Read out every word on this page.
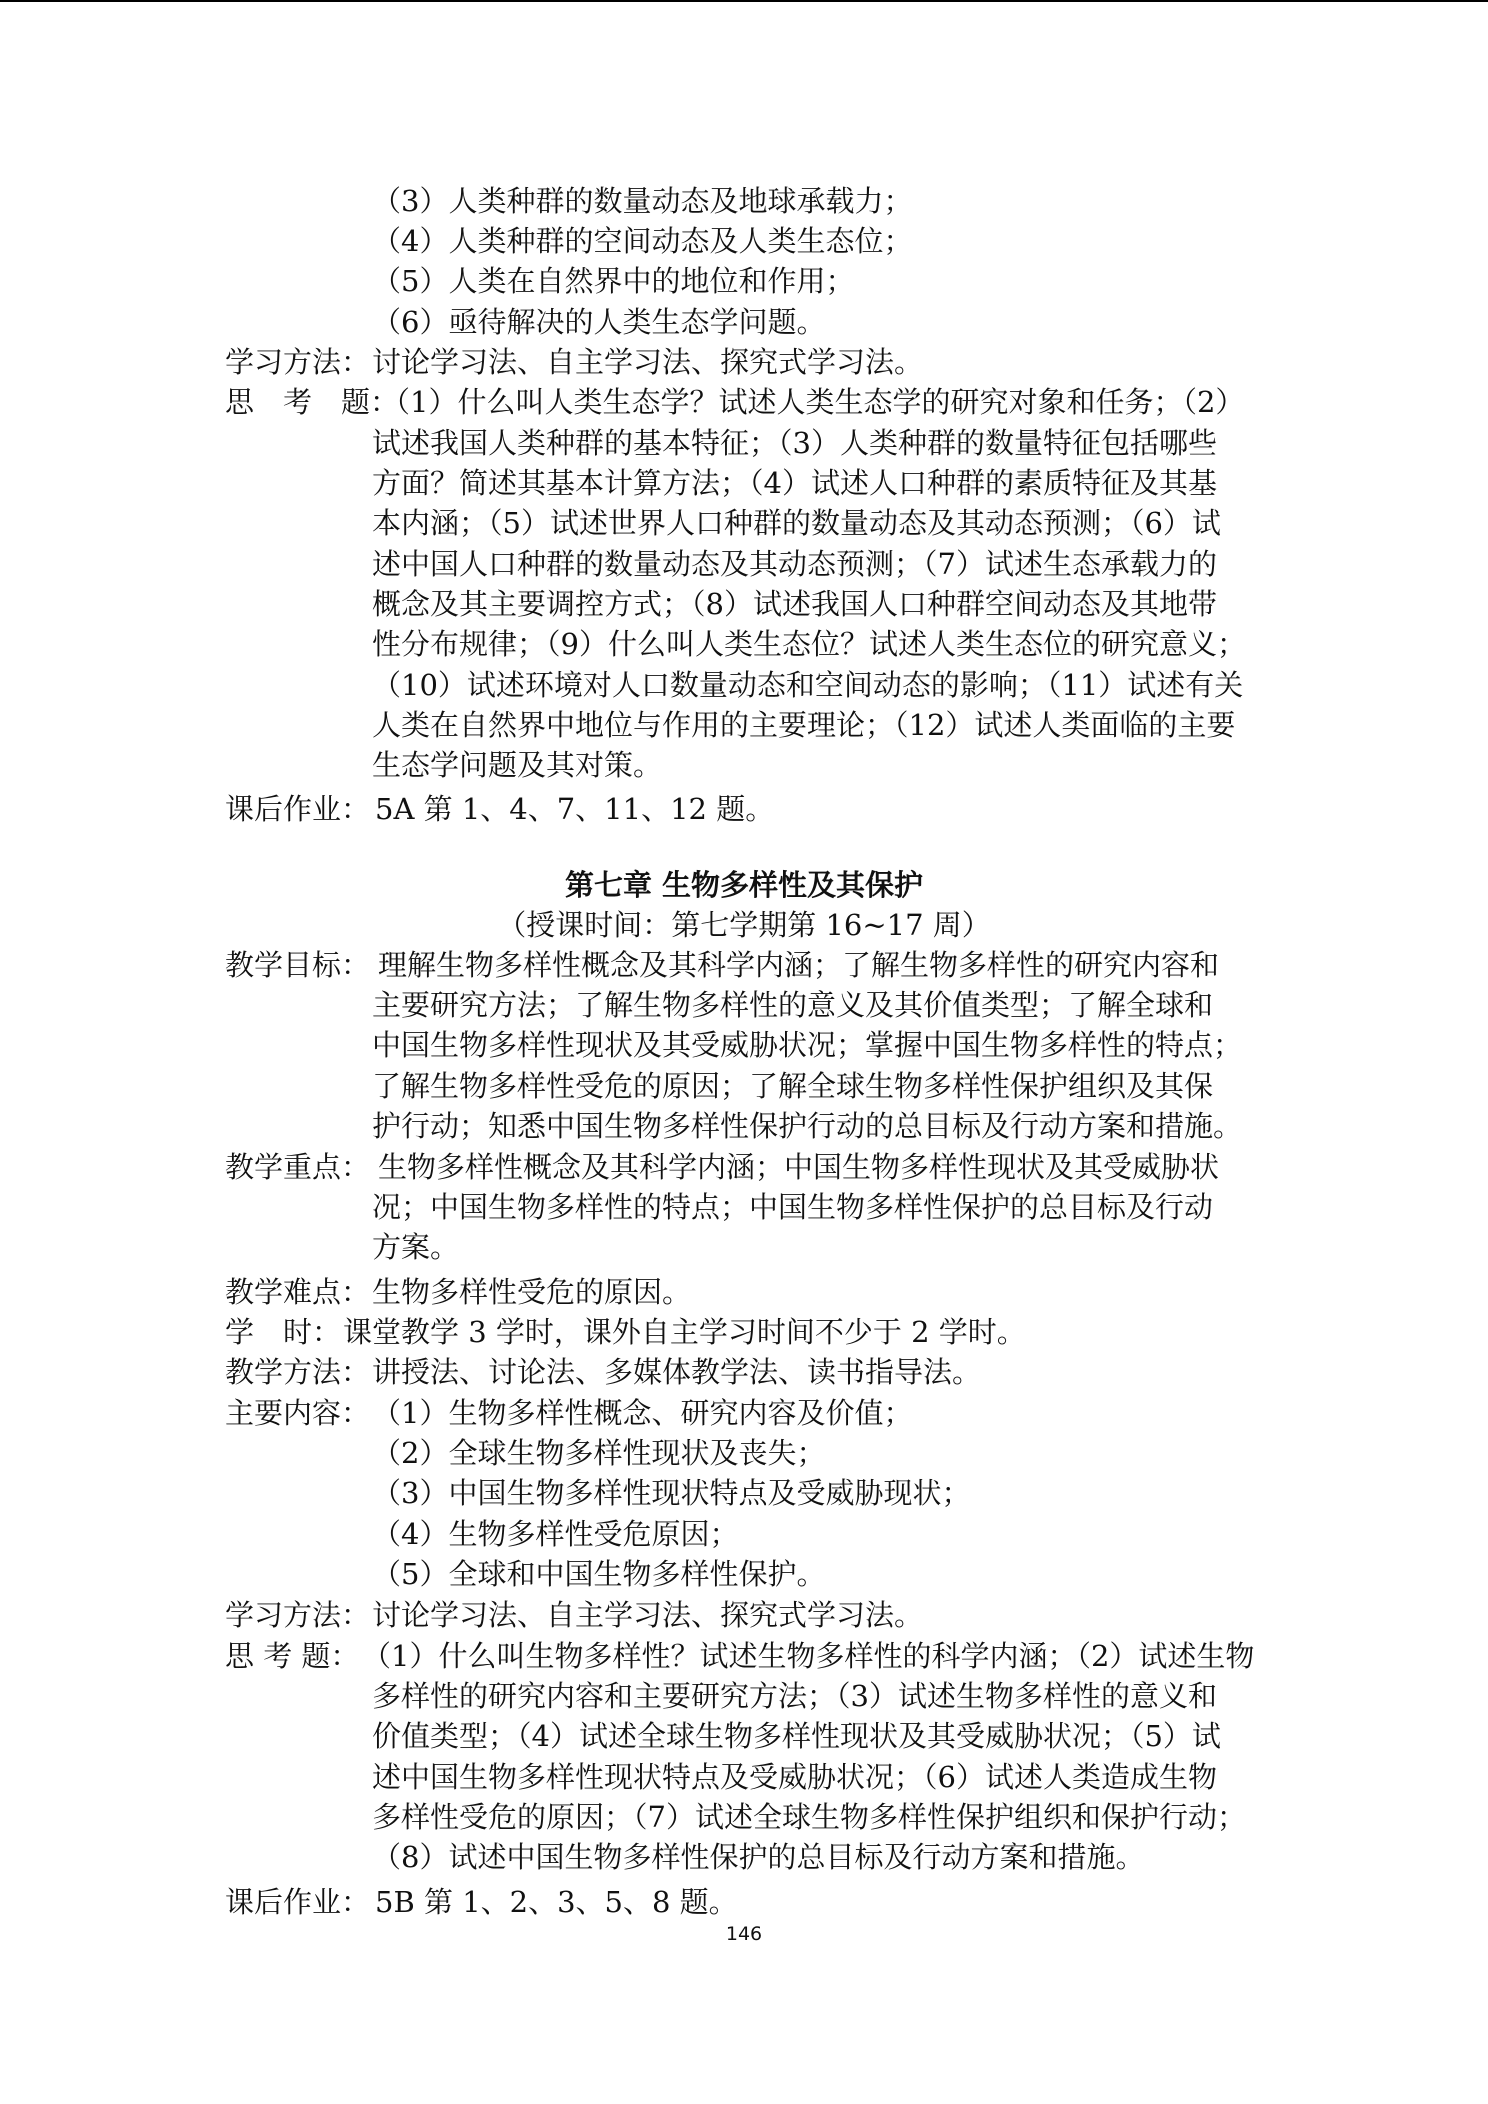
（3）人类种群的数量动态及地球承载力；
（4）人类种群的空间动态及人类生态位；
（5）人类在自然界中的地位和作用；
（6）亟待解决的人类生态学问题。
学习方法： 讨论学习法、自主学习法、探究式学习法。
思　考　题：
（1）什么叫人类生态学？试述人类生态学的研究对象和任务；（2）
试述我国人类种群的基本特征；（3）人类种群的数量特征包括哪些
方面？简述其基本计算方法；（4）试述人口种群的素质特征及其基
本内涵；（5）试述世界人口种群的数量动态及其动态预测；（6）试
述中国人口种群的数量动态及其动态预测；（7）试述生态承载力的
概念及其主要调控方式；（8）试述我国人口种群空间动态及其地带
性分布规律；（9）什么叫人类生态位？试述人类生态位的研究意义；
（10）试述环境对人口数量动态和空间动态的影响；（11）试述有关
人类在自然界中地位与作用的主要理论；（12）试述人类面临的主要
生态学问题及其对策。
课后作业： 5A 第 1、4、7、11、12 题。
第七章 生物多样性及其保护
（授课时间：第七学期第 16~17 周）
教学目标： 理解生物多样性概念及其科学内涵；了解生物多样性的研究内容和
主要研究方法；了解生物多样性的意义及其价值类型；了解全球和
中国生物多样性现状及其受威胁状况；掌握中国生物多样性的特点；
了解生物多样性受危的原因；了解全球生物多样性保护组织及其保
护行动；知悉中国生物多样性保护行动的总目标及行动方案和措施。
教学重点： 生物多样性概念及其科学内涵；中国生物多样性现状及其受威胁状
况；中国生物多样性的特点；中国生物多样性保护的总目标及行动
方案。
教学难点： 生物多样性受危的原因。
学　时： 课堂教学 3 学时，课外自主学习时间不少于 2 学时。
教学方法： 讲授法、讨论法、多媒体教学法、读书指导法。
主要内容： （1）生物多样性概念、研究内容及价值；
（2）全球生物多样性现状及丧失；
（3）中国生物多样性现状特点及受威胁现状；
（4）生物多样性受危原因；
（5）全球和中国生物多样性保护。
学习方法： 讨论学习法、自主学习法、探究式学习法。
思 考 题： （1）什么叫生物多样性？试述生物多样性的科学内涵；（2）试述生物
多样性的研究内容和主要研究方法；（3）试述生物多样性的意义和
价值类型；（4）试述全球生物多样性现状及其受威胁状况；（5）试
述中国生物多样性现状特点及受威胁状况；（6）试述人类造成生物
多样性受危的原因；（7）试述全球生物多样性保护组织和保护行动；
（8）试述中国生物多样性保护的总目标及行动方案和措施。
课后作业： 5B 第 1、2、3、5、8 题。
146
